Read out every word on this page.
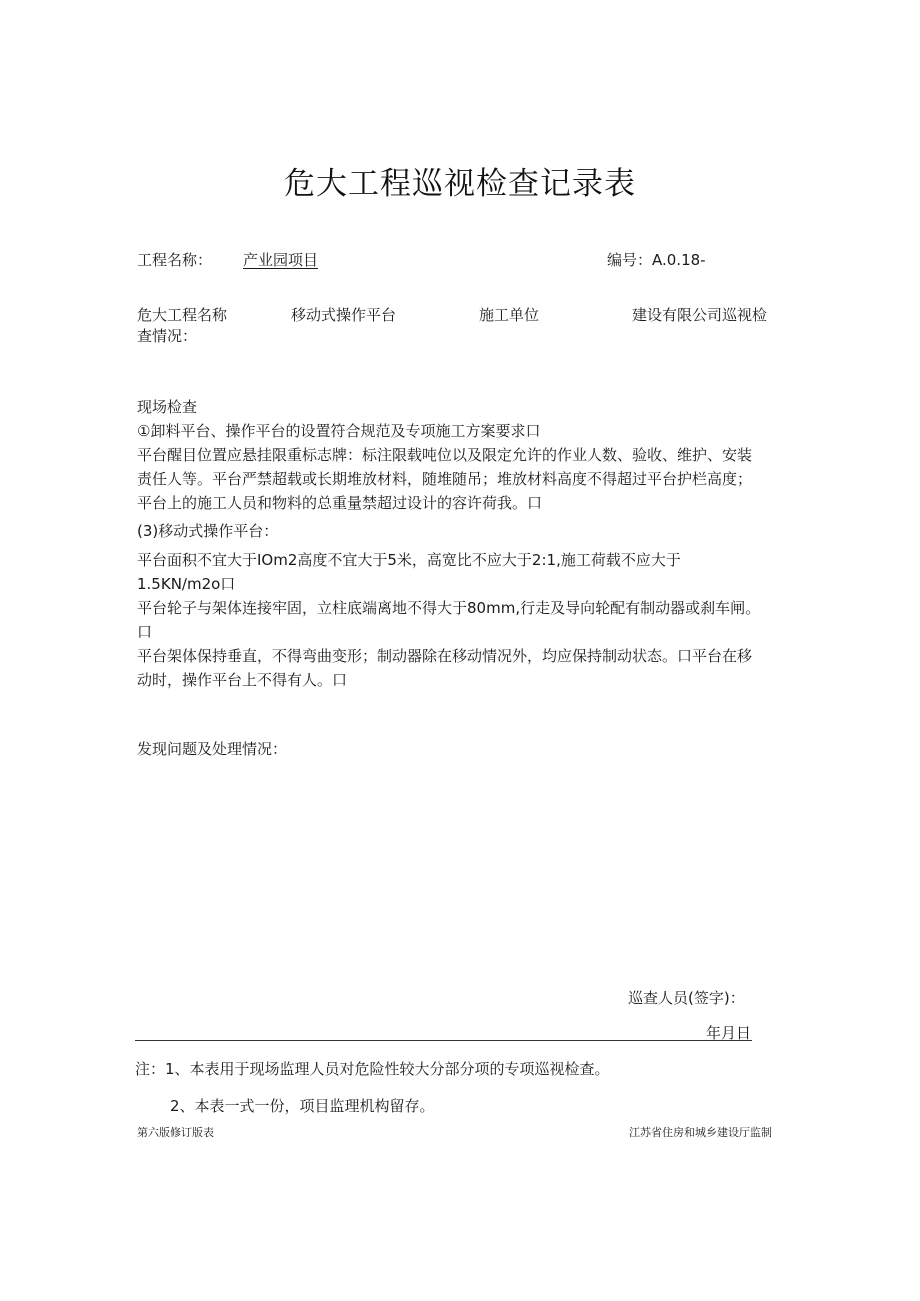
危大工程巡视检查记录表
工程名称： 产业园项目	编号：A.0.18-
危大工程名称	移动式操作平台	施工单位	建设有限公司巡视检
查情况：
现场检查
①卸料平台、操作平台的设置符合规范及专项施工方案要求口
平台醒目位置应悬挂限重标志牌：标注限载吨位以及限定允许的作业人数、验收、维护、安装
责任人等。平台严禁超载或长期堆放材料，随堆随吊；堆放材料高度不得超过平台护栏高度；
平台上的施工人员和物料的总重量禁超过设计的容许荷我。口
(3)移动式操作平台：
平台面积不宜大于IOm2高度不宜大于5米，高宽比不应大于2:1,施工荷载不应大于
1.5KN∕m2o口
平台轮子与架体连接牢固，立柱底端离地不得大于80mm,行走及导向轮配有制动器或刹车闸。
口
平台架体保持垂直，不得弯曲变形；制动器除在移动情况外，均应保持制动状态。口平台在移
动时，操作平台上不得有人。口
发现问题及处理情况：
巡查人员(签字)：
年月日
注：1、本表用于现场监理人员对危险性较大分部分项的专项巡视检查。
2、本表一式一份，项目监理机构留存。
第六版修订版表	江苏省住房和城乡建设厅监制
